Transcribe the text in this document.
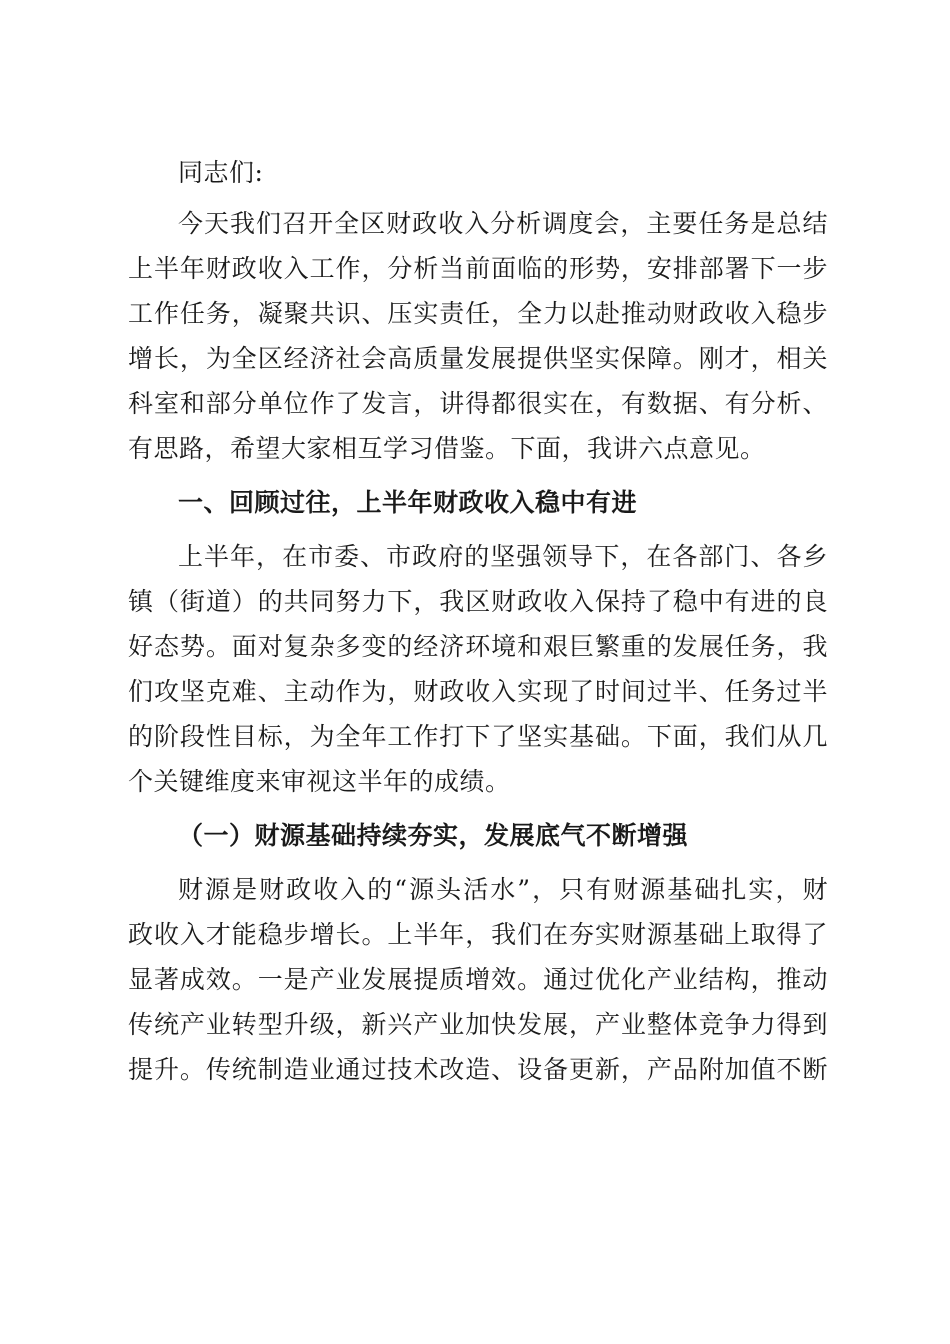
同志们:
今天我们召开全区财政收入分析调度会，主要任务是总结
上半年财政收入工作，分析当前面临的形势，安排部署下一步
工作任务，凝聚共识、压实责任，全力以赴推动财政收入稳步
增长，为全区经济社会高质量发展提供坚实保障。刚才，相关
科室和部分单位作了发言，讲得都很实在，有数据、有分析、
有思路，希望大家相互学习借鉴。下面，我讲六点意见。
一、回顾过往，上半年财政收入稳中有进
上半年，在市委、市政府的坚强领导下，在各部门、各乡
镇（街道）的共同努力下，我区财政收入保持了稳中有进的良
好态势。面对复杂多变的经济环境和艰巨繁重的发展任务，我
们攻坚克难、主动作为，财政收入实现了时间过半、任务过半
的阶段性目标，为全年工作打下了坚实基础。下面，我们从几
个关键维度来审视这半年的成绩。
（一）财源基础持续夯实，发展底气不断增强
财源是财政收入的“源头活水”，只有财源基础扎实，财
政收入才能稳步增长。上半年，我们在夯实财源基础上取得了
显著成效。一是产业发展提质增效。通过优化产业结构，推动
传统产业转型升级，新兴产业加快发展，产业整体竞争力得到
提升。传统制造业通过技术改造、设备更新，产品附加值不断
